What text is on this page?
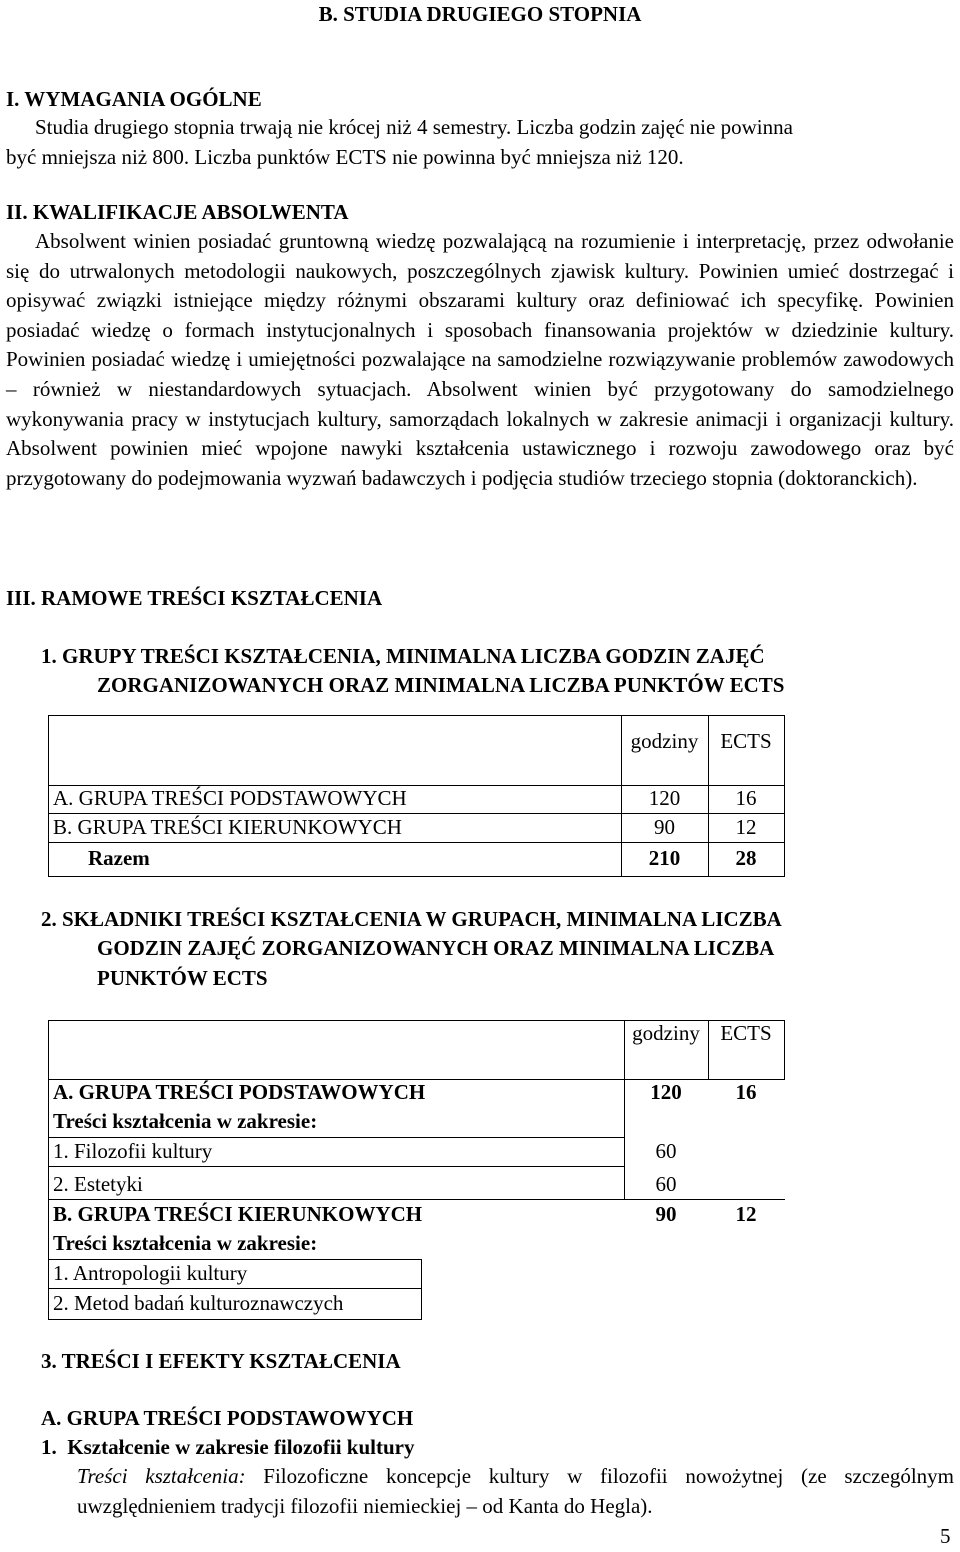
B. STUDIA DRUGIEGO STOPNIA
I. WYMAGANIA OGÓLNE
Studia drugiego stopnia trwają nie krócej niż 4 semestry. Liczba godzin zajęć nie powinna
być mniejsza niż 800. Liczba punktów ECTS nie powinna być mniejsza niż 120.
II. KWALIFIKACJE ABSOLWENTA
Absolwent winien posiadać gruntowną wiedzę pozwalającą na rozumienie i interpretację, przez odwołanie się do utrwalonych metodologii naukowych, poszczególnych zjawisk kultury. Powinien umieć dostrzegać i opisywać związki istniejące między różnymi obszarami kultury oraz definiować ich specyfikę. Powinien posiadać wiedzę o formach instytucjonalnych i sposobach finansowania projektów w dziedzinie kultury. Powinien posiadać wiedzę i umiejętności pozwalające na samodzielne rozwiązywanie problemów zawodowych – również w niestandardowych sytuacjach. Absolwent winien być przygotowany do samodzielnego wykonywania pracy w instytucjach kultury, samorządach lokalnych w zakresie animacji i organizacji kultury. Absolwent powinien mieć wpojone nawyki kształcenia ustawicznego i rozwoju zawodowego oraz być przygotowany do podejmowania wyzwań badawczych i podjęcia studiów trzeciego stopnia (doktoranckich).
III. RAMOWE TREŚCI KSZTAŁCENIA
1. GRUPY TREŚCI KSZTAŁCENIA, MINIMALNA LICZBA GODZIN ZAJĘĆ
ZORGANIZOWANYCH ORAZ MINIMALNA LICZBA PUNKTÓW ECTS
godziny	ECTS
A. GRUPA TREŚCI PODSTAWOWYCH	120	16
B. GRUPA TREŚCI KIERUNKOWYCH	90	12
Razem	210	28
2. SKŁADNIKI TREŚCI KSZTAŁCENIA W GRUPACH, MINIMALNA LICZBA
GODZIN ZAJĘĆ ZORGANIZOWANYCH ORAZ MINIMALNA LICZBA
PUNKTÓW ECTS
godziny ECTS
A. GRUPA TREŚCI PODSTAWOWYCH	120	16
Treści kształcenia w zakresie:
1. Filozofii kultury	60
2. Estetyki	60
B. GRUPA TREŚCI KIERUNKOWYCH	90	12
Treści kształcenia w zakresie:
1. Antropologii kultury
2. Metod badań kulturoznawczych
3. TREŚCI I EFEKTY KSZTAŁCENIA
A. GRUPA TREŚCI PODSTAWOWYCH
1.  Kształcenie w zakresie filozofii kultury
Treści kształcenia: Filozoficzne koncepcje kultury w filozofii nowożytnej (ze szczególnym uwzględnieniem tradycji filozofii niemieckiej – od Kanta do Hegla).
5
